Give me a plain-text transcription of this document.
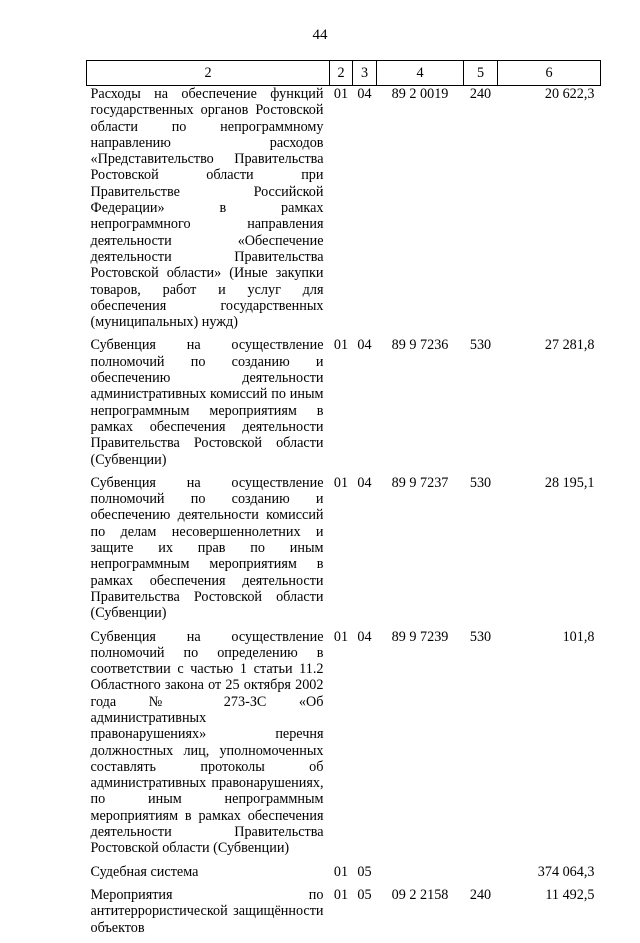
44
2	2	3	4	5	6
Расходы на обеспечение функций государственных органов Ростовской области по непрограммному направлению расходов «Представительство Правительства Ростовской области при Правительстве Российской Федерации» в рамках непрограммного направления деятельности «Обеспечение деятельности Правительства Ростовской области» (Иные закупки товаров, работ и услуг для обеспечения государственных (муниципальных) нужд)	01	04	89 2 0019	240	20 622,3
Субвенция на осуществление полномочий по созданию и обеспечению деятельности административных комиссий по иным непрограммным мероприятиям в рамках обеспечения деятельности Правительства Ростовской области (Субвенции)	01	04	89 9 7236	530	27 281,8
Субвенция на осуществление полномочий по созданию и обеспечению деятельности комиссий по делам несовершеннолетних и защите их прав по иным непрограммным мероприятиям в рамках обеспечения деятельности Правительства Ростовской области (Субвенции)	01	04	89 9 7237	530	28 195,1
Субвенция на осуществление полномочий по определению в соответствии с частью 1 статьи 11.2 Областного закона от 25 октября 2002 года № 273-ЗС «Об административных правонарушениях» перечня должностных лиц, уполномоченных составлять протоколы об административных правонарушениях, по иным непрограммным мероприятиям в рамках обеспечения деятельности Правительства Ростовской области (Субвенции)	01	04	89 9 7239	530	101,8
Судебная система	01	05			374 064,3
Мероприятия по антитеррористической защищённости объектов	01	05	09 2 2158	240	11 492,5
